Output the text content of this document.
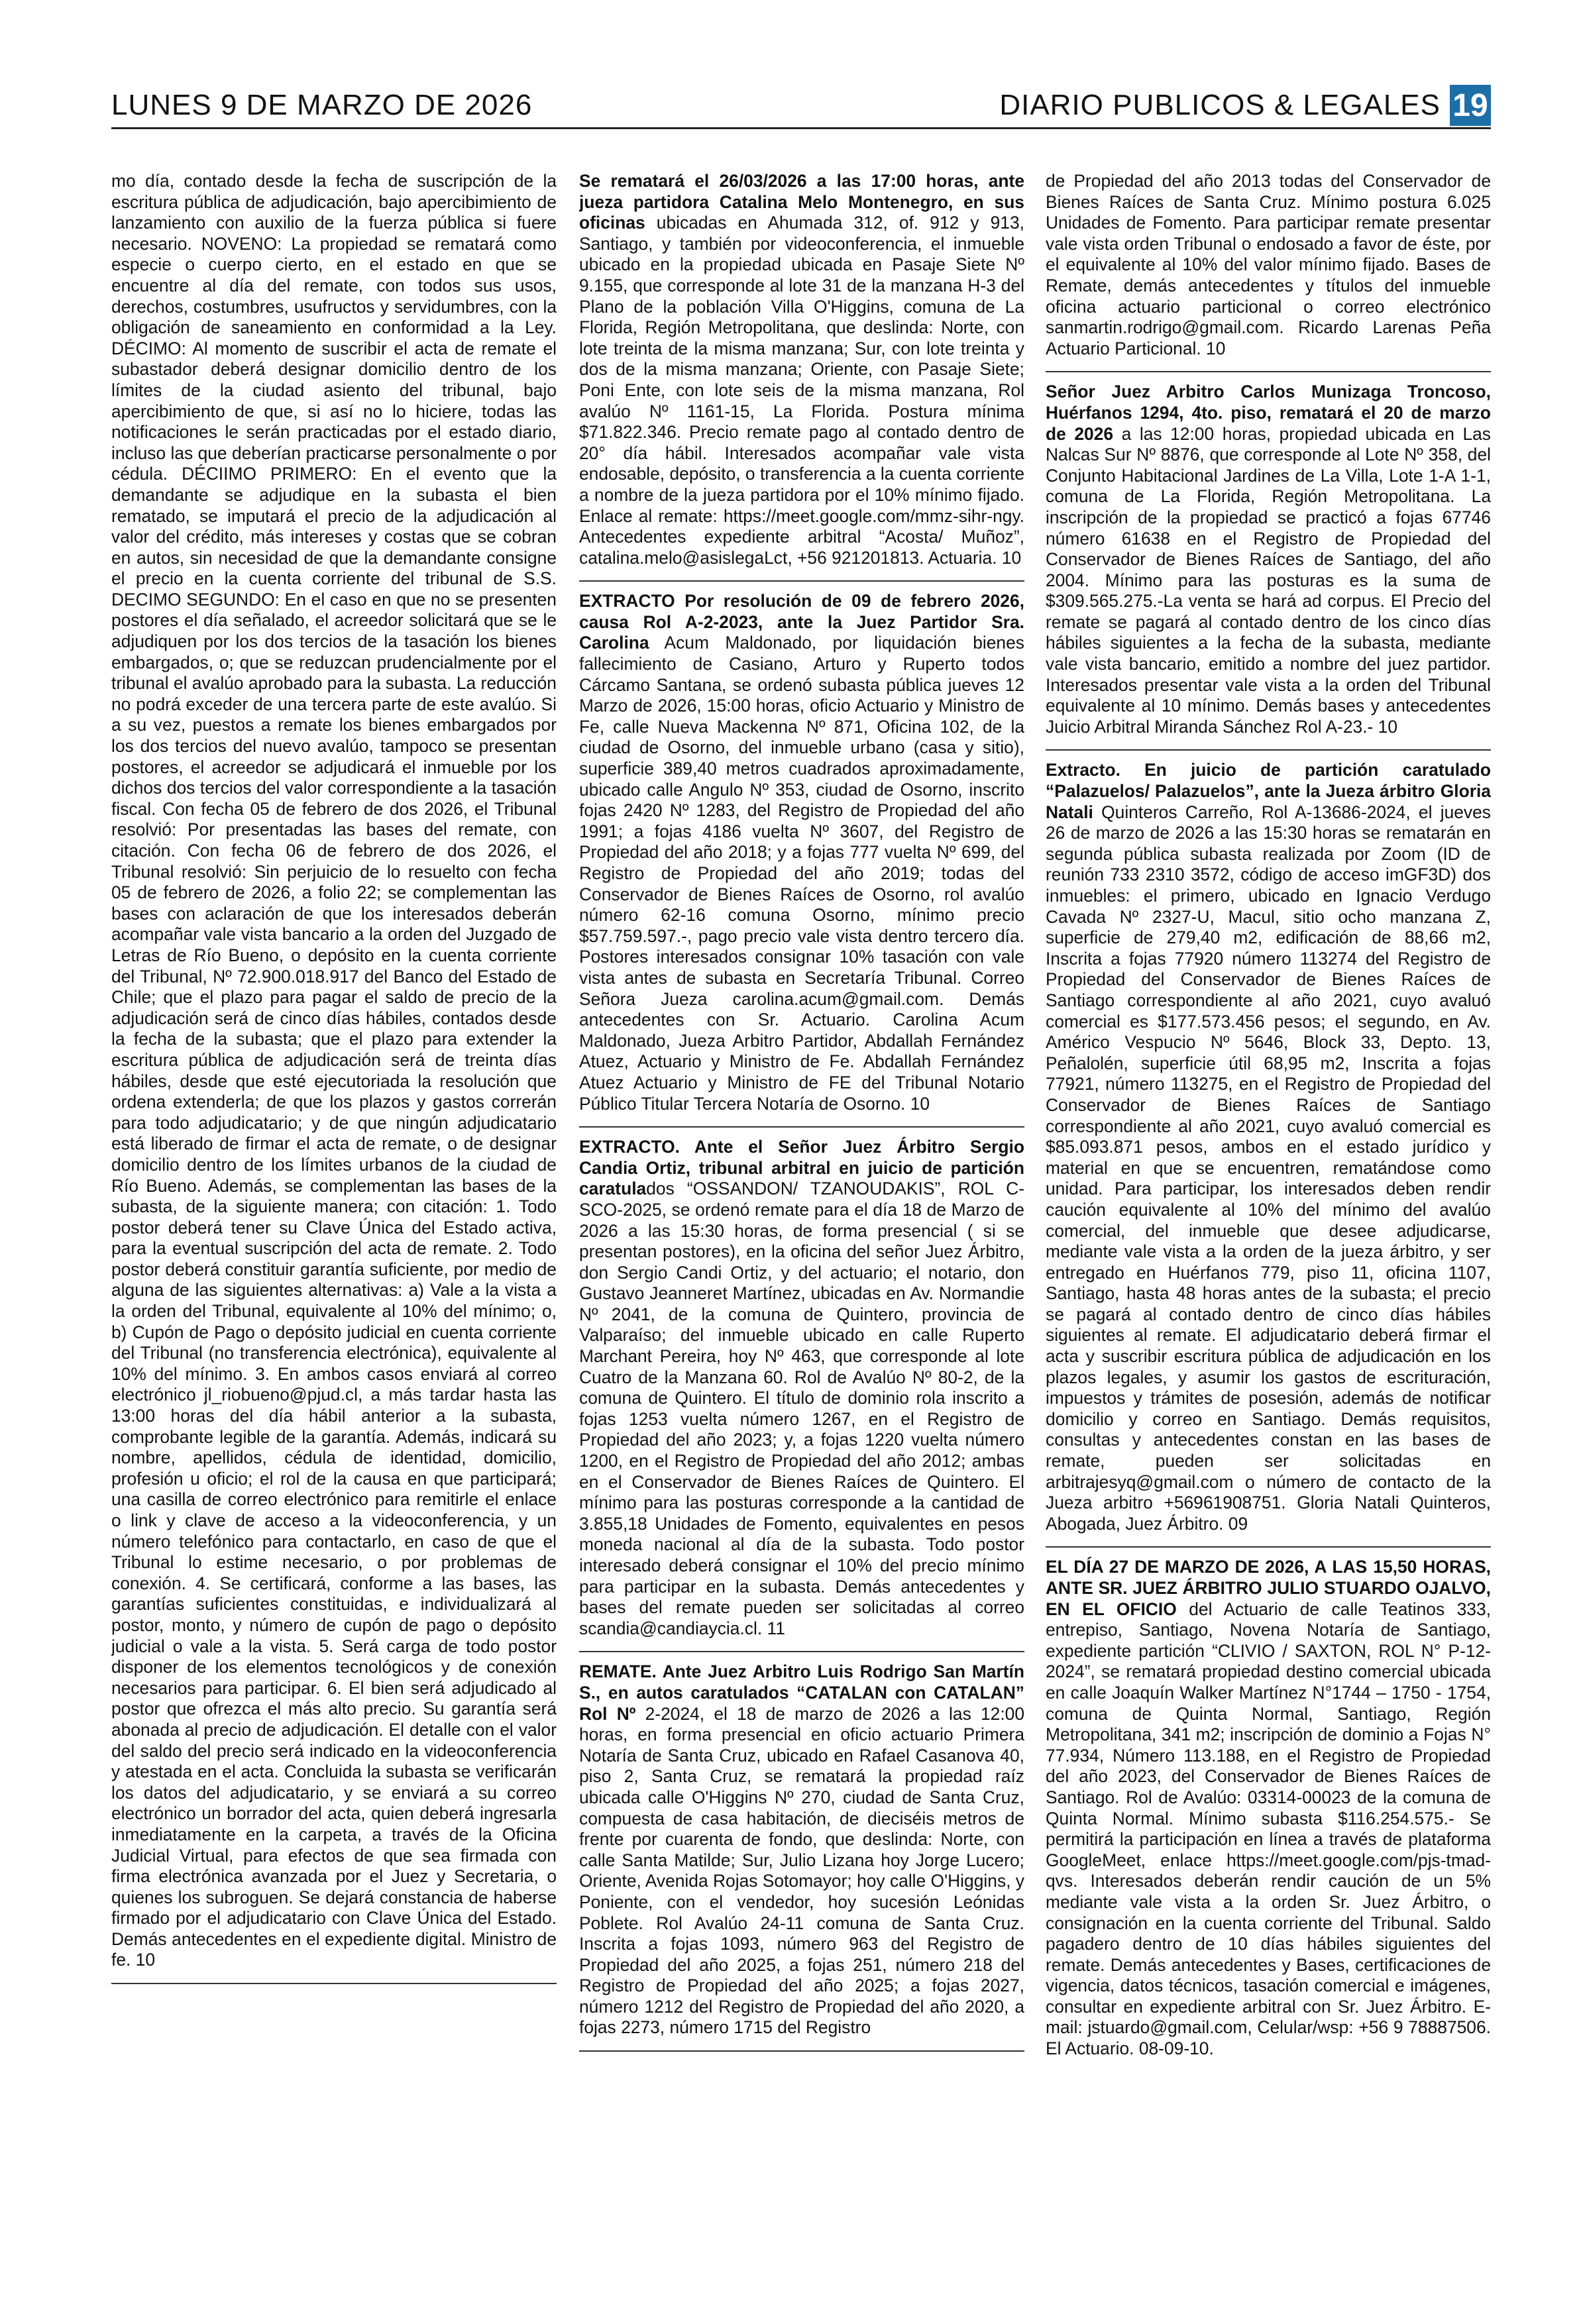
LUNES 9 DE MARZO DE 2026	DIARIO PUBLICOS & LEGALES 19

mo día, contado desde la fecha de suscripción de la escritura pública de adjudicación, bajo apercibimiento de lanzamiento con auxilio de la fuerza pública si fuere necesario. NOVENO: La propiedad se rematará como especie o cuerpo cierto, en el estado en que se encuentre al día del remate, con todos sus usos, derechos, costumbres, usufructos y servidumbres, con la obligación de saneamiento en conformidad a la Ley. DÉCIMO: Al momento de suscribir el acta de remate el subastador deberá designar domicilio dentro de los límites de la ciudad asiento del tribunal, bajo apercibimiento de que, si así no lo hiciere, todas las notificaciones le serán practicadas por el estado diario, incluso las que deberían practicarse personalmente o por cédula. DÉCIIMO PRIMERO: En el evento que la demandante se adjudique en la subasta el bien rematado, se imputará el precio de la adjudicación al valor del crédito, más intereses y costas que se cobran en autos, sin necesidad de que la demandante consigne el precio en la cuenta corriente del tribunal de S.S. DECIMO SEGUNDO: En el caso en que no se presenten postores el día señalado, el acreedor solicitará que se le adjudiquen por los dos tercios de la tasación los bienes embargados, o; que se reduzcan prudencialmente por el tribunal el avalúo aprobado para la subasta. La reducción no podrá exceder de una tercera parte de este avalúo. Si a su vez, puestos a remate los bienes embargados por los dos tercios del nuevo avalúo, tampoco se presentan postores, el acreedor se adjudicará el inmueble por los dichos dos tercios del valor correspondiente a la tasación fiscal. Con fecha 05 de febrero de dos 2026, el Tribunal resolvió: Por presentadas las bases del remate, con citación. Con fecha 06 de febrero de dos 2026, el Tribunal resolvió: Sin perjuicio de lo resuelto con fecha 05 de febrero de 2026, a folio 22; se complementan las bases con aclaración de que los interesados deberán acompañar vale vista bancario a la orden del Juzgado de Letras de Río Bueno, o depósito en la cuenta corriente del Tribunal, Nº 72.900.018.917 del Banco del Estado de Chile; que el plazo para pagar el saldo de precio de la adjudicación será de cinco días hábiles, contados desde la fecha de la subasta; que el plazo para extender la escritura pública de adjudicación será de treinta días hábiles, desde que esté ejecutoriada la resolución que ordena extenderla; de que los plazos y gastos correrán para todo adjudicatario; y de que ningún adjudicatario está liberado de firmar el acta de remate, o de designar domicilio dentro de los límites urbanos de la ciudad de Río Bueno. Además, se complementan las bases de la subasta, de la siguiente manera; con citación: 1. Todo postor deberá tener su Clave Única del Estado activa, para la eventual suscripción del acta de remate. 2. Todo postor deberá constituir garantía suficiente, por medio de alguna de las siguientes alternativas: a) Vale a la vista a la orden del Tribunal, equivalente al 10% del mínimo; o, b) Cupón de Pago o depósito judicial en cuenta corriente del Tribunal (no transferencia electrónica), equivalente al 10% del mínimo. 3. En ambos casos enviará al correo electrónico jl_riobueno@pjud.cl, a más tardar hasta las 13:00 horas del día hábil anterior a la subasta, comprobante legible de la garantía. Además, indicará su nombre, apellidos, cédula de identidad, domicilio, profesión u oficio; el rol de la causa en que participará; una casilla de correo electrónico para remitirle el enlace o link y clave de acceso a la videoconferencia, y un número telefónico para contactarlo, en caso de que el Tribunal lo estime necesario, o por problemas de conexión. 4. Se certificará, conforme a las bases, las garantías suficientes constituidas, e individualizará al postor, monto, y número de cupón de pago o depósito judicial o vale a la vista. 5. Será carga de todo postor disponer de los elementos tecnológicos y de conexión necesarios para participar. 6. El bien será adjudicado al postor que ofrezca el más alto precio. Su garantía será abonada al precio de adjudicación. El detalle con el valor del saldo del precio será indicado en la videoconferencia y atestada en el acta. Concluida la subasta se verificarán los datos del adjudicatario, y se enviará a su correo electrónico un borrador del acta, quien deberá ingresarla inmediatamente en la carpeta, a través de la Oficina Judicial Virtual, para efectos de que sea firmada con firma electrónica avanzada por el Juez y Secretaria, o quienes los subroguen. Se dejará constancia de haberse firmado por el adjudicatario con Clave Única del Estado. Demás antecedentes en el expediente digital. Ministro de fe. 10

Se rematará el 26/03/2026 a las 17:00 horas, ante jueza partidora Catalina Melo Montenegro, en sus oficinas ubicadas en Ahumada 312, of. 912 y 913, Santiago, y también por videoconferencia, el inmueble ubicado en la propiedad ubicada en Pasaje Siete Nº 9.155, que corresponde al lote 31 de la manzana H-3 del Plano de la población Villa O'Higgins, comuna de La Florida, Región Metropolitana, que deslinda: Norte, con lote treinta de la misma manzana; Sur, con lote treinta y dos de la misma manzana; Oriente, con Pasaje Siete; Poni Ente, con lote seis de la misma manzana, Rol avalúo Nº 1161-15, La Florida. Postura mínima $71.822.346. Precio remate pago al contado dentro de 20° día hábil. Interesados acompañar vale vista endosable, depósito, o transferencia a la cuenta corriente a nombre de la jueza partidora por el 10% mínimo fijado. Enlace al remate: https://meet.google.com/mmz-sihr-ngy. Antecedentes expediente arbitral “Acosta/ Muñoz”, catalina.melo@asislegaLct, +56 921201813. Actuaria. 10

EXTRACTO Por resolución de 09 de febrero 2026, causa Rol A-2-2023, ante la Juez Partidor Sra. Carolina Acum Maldonado, por liquidación bienes fallecimiento de Casiano, Arturo y Ruperto todos Cárcamo Santana, se ordenó subasta pública jueves 12 Marzo de 2026, 15:00 horas, oficio Actuario y Ministro de Fe, calle Nueva Mackenna Nº 871, Oficina 102, de la ciudad de Osorno, del inmueble urbano (casa y sitio), superficie 389,40 metros cuadrados aproximadamente, ubicado calle Angulo Nº 353, ciudad de Osorno, inscrito fojas 2420 Nº 1283, del Registro de Propiedad del año 1991; a fojas 4186 vuelta Nº 3607, del Registro de Propiedad del año 2018; y a fojas 777 vuelta Nº 699, del Registro de Propiedad del año 2019; todas del Conservador de Bienes Raíces de Osorno, rol avalúo número 62-16 comuna Osorno, mínimo precio $57.759.597.-, pago precio vale vista dentro tercero día. Postores interesados consignar 10% tasación con vale vista antes de subasta en Secretaría Tribunal. Correo Señora Jueza carolina.acum@gmail.com. Demás antecedentes con Sr. Actuario. Carolina Acum Maldonado, Jueza Arbitro Partidor, Abdallah Fernández Atuez, Actuario y Ministro de Fe. Abdallah Fernández Atuez Actuario y Ministro de FE del Tribunal Notario Público Titular Tercera Notaría de Osorno. 10

EXTRACTO. Ante el Señor Juez Árbitro Sergio Candia Ortiz, tribunal arbitral en juicio de partición caratulados “OSSANDON/ TZANOUDAKIS”, ROL C-SCO-2025, se ordenó remate para el día 18 de Marzo de 2026 a las 15:30 horas, de forma presencial ( si se presentan postores), en la oficina del señor Juez Árbitro, don Sergio Candi Ortiz, y del actuario; el notario, don Gustavo Jeanneret Martínez, ubicadas en Av. Normandie Nº 2041, de la comuna de Quintero, provincia de Valparaíso; del inmueble ubicado en calle Ruperto Marchant Pereira, hoy Nº 463, que corresponde al lote Cuatro de la Manzana 60. Rol de Avalúo Nº 80-2, de la comuna de Quintero. El título de dominio rola inscrito a fojas 1253 vuelta número 1267, en el Registro de Propiedad del año 2023; y, a fojas 1220 vuelta número 1200, en el Registro de Propiedad del año 2012; ambas en el Conservador de Bienes Raíces de Quintero. El mínimo para las posturas corresponde a la cantidad de 3.855,18 Unidades de Fomento, equivalentes en pesos moneda nacional al día de la subasta. Todo postor interesado deberá consignar el 10% del precio mínimo para participar en la subasta. Demás antecedentes y bases del remate pueden ser solicitadas al correo scandia@candiaycia.cl. 11

REMATE. Ante Juez Arbitro Luis Rodrigo San Martín S., en autos caratulados “CATALAN con CATALAN” Rol Nº 2-2024, el 18 de marzo de 2026 a las 12:00 horas, en forma presencial en oficio actuario Primera Notaría de Santa Cruz, ubicado en Rafael Casanova 40, piso 2, Santa Cruz, se rematará la propiedad raíz ubicada calle O'Higgins Nº 270, ciudad de Santa Cruz, compuesta de casa habitación, de dieciséis metros de frente por cuarenta de fondo, que deslinda: Norte, con calle Santa Matilde; Sur, Julio Lizana hoy Jorge Lucero; Oriente, Avenida Rojas Sotomayor; hoy calle O'Higgins, y Poniente, con el vendedor, hoy sucesión Leónidas Poblete. Rol Avalúo 24-11 comuna de Santa Cruz. Inscrita a fojas 1093, número 963 del Registro de Propiedad del año 2025, a fojas 251, número 218 del Registro de Propiedad del año 2025; a fojas 2027, número 1212 del Registro de Propiedad del año 2020, a fojas 2273, número 1715 del Registro

de Propiedad del año 2013 todas del Conservador de Bienes Raíces de Santa Cruz. Mínimo postura 6.025 Unidades de Fomento. Para participar remate presentar vale vista orden Tribunal o endosado a favor de éste, por el equivalente al 10% del valor mínimo fijado. Bases de Remate, demás antecedentes y títulos del inmueble oficina actuario particional o correo electrónico sanmartin.rodrigo@gmail.com. Ricardo Larenas Peña Actuario Particional. 10

Señor Juez Arbitro Carlos Munizaga Troncoso, Huérfanos 1294, 4to. piso, rematará el 20 de marzo de 2026 a las 12:00 horas, propiedad ubicada en Las Nalcas Sur Nº 8876, que corresponde al Lote Nº 358, del Conjunto Habitacional Jardines de La Villa, Lote 1-A 1-1, comuna de La Florida, Región Metropolitana. La inscripción de la propiedad se practicó a fojas 67746 número 61638 en el Registro de Propiedad del Conservador de Bienes Raíces de Santiago, del año 2004. Mínimo para las posturas es la suma de $309.565.275.-La venta se hará ad corpus. El Precio del remate se pagará al contado dentro de los cinco días hábiles siguientes a la fecha de la subasta, mediante vale vista bancario, emitido a nombre del juez partidor. Interesados presentar vale vista a la orden del Tribunal equivalente al 10 mínimo. Demás bases y antecedentes Juicio Arbitral Miranda Sánchez Rol A-23.- 10

Extracto. En juicio de partición caratulado “Palazuelos/ Palazuelos”, ante la Jueza árbitro Gloria Natali Quinteros Carreño, Rol A-13686-2024, el jueves 26 de marzo de 2026 a las 15:30 horas se rematarán en segunda pública subasta realizada por Zoom (ID de reunión 733 2310 3572, código de acceso imGF3D) dos inmuebles: el primero, ubicado en Ignacio Verdugo Cavada Nº 2327-U, Macul, sitio ocho manzana Z, superficie de 279,40 m2, edificación de 88,66 m2, Inscrita a fojas 77920 número 113274 del Registro de Propiedad del Conservador de Bienes Raíces de Santiago correspondiente al año 2021, cuyo avaluó comercial es $177.573.456 pesos; el segundo, en Av. Américo Vespucio Nº 5646, Block 33, Depto. 13, Peñalolén, superficie útil 68,95 m2, Inscrita a fojas 77921, número 113275, en el Registro de Propiedad del Conservador de Bienes Raíces de Santiago correspondiente al año 2021, cuyo avaluó comercial es $85.093.871 pesos, ambos en el estado jurídico y material en que se encuentren, rematándose como unidad. Para participar, los interesados deben rendir caución equivalente al 10% del mínimo del avalúo comercial, del inmueble que desee adjudicarse, mediante vale vista a la orden de la jueza árbitro, y ser entregado en Huérfanos 779, piso 11, oficina 1107, Santiago, hasta 48 horas antes de la subasta; el precio se pagará al contado dentro de cinco días hábiles siguientes al remate. El adjudicatario deberá firmar el acta y suscribir escritura pública de adjudicación en los plazos legales, y asumir los gastos de escrituración, impuestos y trámites de posesión, además de notificar domicilio y correo en Santiago. Demás requisitos, consultas y antecedentes constan en las bases de remate, pueden ser solicitadas en arbitrajesyq@gmail.com o número de contacto de la Jueza arbitro +56961908751. Gloria Natali Quinteros, Abogada, Juez Árbitro. 09

EL DÍA 27 DE MARZO DE 2026, A LAS 15,50 HORAS, ANTE SR. JUEZ ÁRBITRO JULIO STUARDO OJALVO, EN EL OFICIO del Actuario de calle Teatinos 333, entrepiso, Santiago, Novena Notaría de Santiago, expediente partición “CLIVIO / SAXTON, ROL N° P-12-2024”, se rematará propiedad destino comercial ubicada en calle Joaquín Walker Martínez N°1744 – 1750 - 1754, comuna de Quinta Normal, Santiago, Región Metropolitana, 341 m2; inscripción de dominio a Fojas N° 77.934, Número 113.188, en el Registro de Propiedad del año 2023, del Conservador de Bienes Raíces de Santiago. Rol de Avalúo: 03314-00023 de la comuna de Quinta Normal. Mínimo subasta $116.254.575.- Se permitirá la participación en línea a través de plataforma GoogleMeet, enlace https://meet.google.com/pjs-tmad-qvs. Interesados deberán rendir caución de un 5% mediante vale vista a la orden Sr. Juez Árbitro, o consignación en la cuenta corriente del Tribunal. Saldo pagadero dentro de 10 días hábiles siguientes del remate. Demás antecedentes y Bases, certificaciones de vigencia, datos técnicos, tasación comercial e imágenes, consultar en expediente arbitral con Sr. Juez Árbitro. E-mail: jstuardo@gmail.com, Celular/wsp: +56 9 78887506. El Actuario. 08-09-10.
